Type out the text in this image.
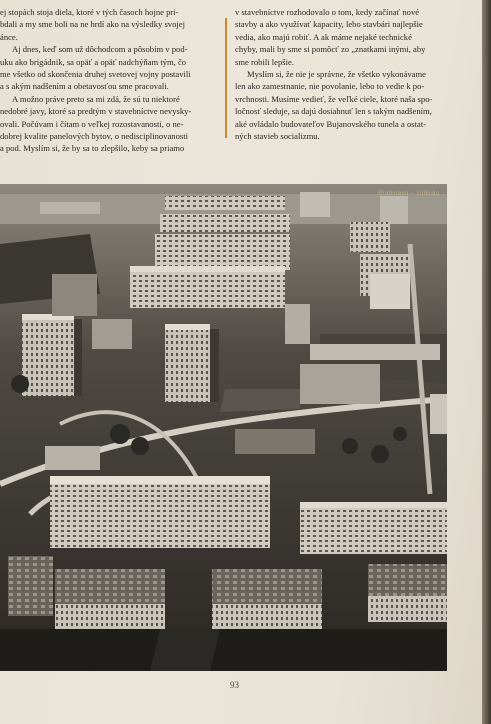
ej stopách stoja diela, ktoré v tých časoch hojne pri-

bdali a my sme boli na ne hrdí ako na výsledky svojej

ánce.

Aj dnes, keď som už dôchodcom a pôsobím v pod-

uku ako brigádnik, sa opäť a opäť nadchýňam tým, čo

me všetko od skončenia druhej svetovej vojny postavili

a s akým nadšením a obetavosťou sme pracovali.

A možno práve preto sa mi zdá, že sú tu niektoré

nedobré javy, ktoré sa predtým v stavebníctve nevysky-

ovali. Počúvam i čítam o veľkej rozostavanosti, o ne-

dobrej kvalite panelových bytov, o nedisciplinovanosti

a pod. Myslím si, že by sa to zlepšilo, keby sa priamo

v stavebníctve rozhodovalo o tom, kedy začínať nové

stavby a ako využívať kapacity, lebo stavbári najlepšie

vedia, ako majú robiť. A ak máme nejaké technické

chyby, mali by sme si pomôcť zo „znatkami inými, aby

sme robili lepšie.

Myslím si, že nie je správne, že všetko vykonávame

len ako zamestnanie, nie povolanie, lebo to vedie k po-

vrchnosti. Musíme vedieť, že veľké ciele, ktoré naša spo-

ločnosť sleduje, sa dajú dosiahnuť len s takým nadšením,

aké ovládalo budovateľov Bujanovského tunela a ostat-

ných stavieb socializmu.

Bratislava – sídlisko
93
